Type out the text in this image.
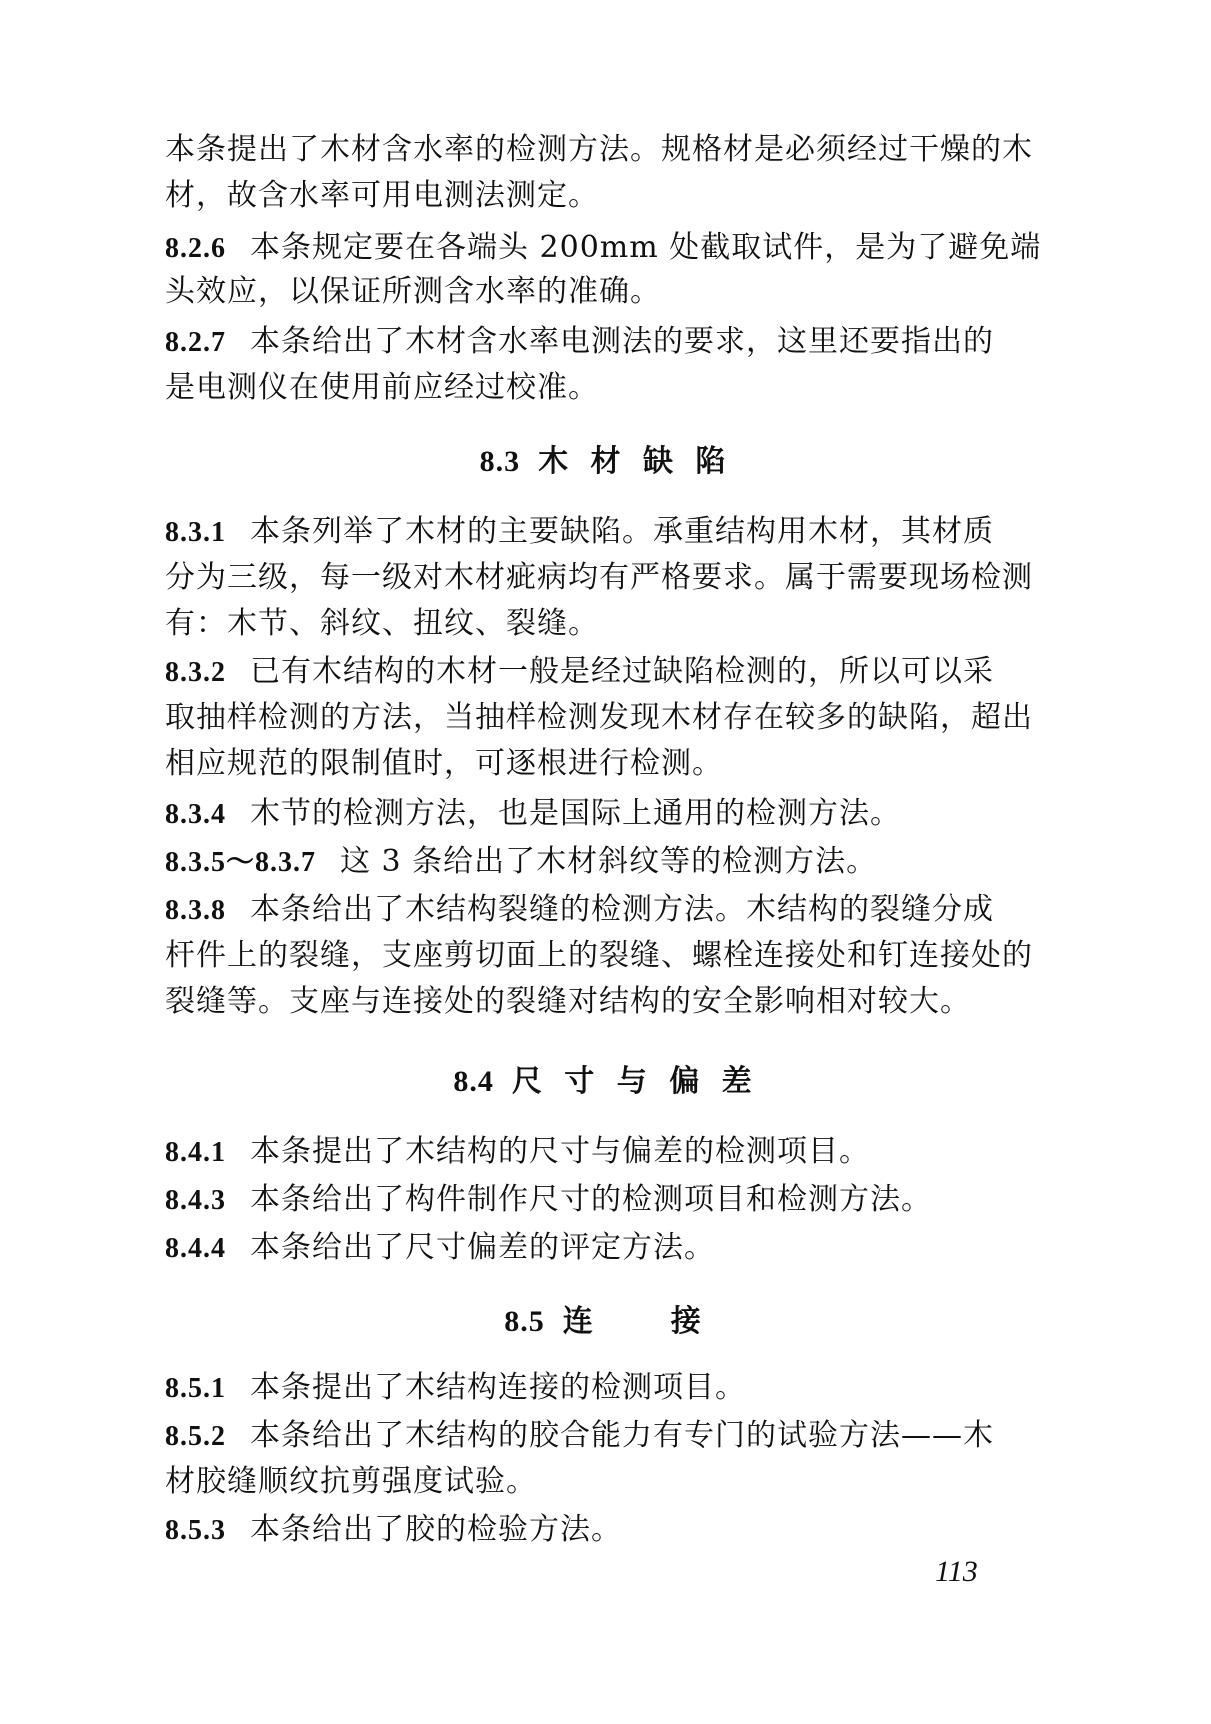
本条提出了木材含水率的检测方法。规格材是必须经过干燥的木
材，故含水率可用电测法测定。
8.2.6 本条规定要在各端头 200mm 处截取试件，是为了避免端
头效应，以保证所测含水率的准确。
8.2.7 本条给出了木材含水率电测法的要求，这里还要指出的
是电测仪在使用前应经过校准。
8.3 木 材 缺 陷
8.3.1 本条列举了木材的主要缺陷。承重结构用木材，其材质
分为三级，每一级对木材疵病均有严格要求。属于需要现场检测
有：木节、斜纹、扭纹、裂缝。
8.3.2 已有木结构的木材一般是经过缺陷检测的，所以可以采
取抽样检测的方法，当抽样检测发现木材存在较多的缺陷，超出
相应规范的限制值时，可逐根进行检测。
8.3.4 木节的检测方法，也是国际上通用的检测方法。
8.3.5～8.3.7 这 3 条给出了木材斜纹等的检测方法。
8.3.8 本条给出了木结构裂缝的检测方法。木结构的裂缝分成
杆件上的裂缝，支座剪切面上的裂缝、螺栓连接处和钉连接处的
裂缝等。支座与连接处的裂缝对结构的安全影响相对较大。
8.4 尺 寸 与 偏 差
8.4.1 本条提出了木结构的尺寸与偏差的检测项目。
8.4.3 本条给出了构件制作尺寸的检测项目和检测方法。
8.4.4 本条给出了尺寸偏差的评定方法。
8.5 连　　接
8.5.1 本条提出了木结构连接的检测项目。
8.5.2 本条给出了木结构的胶合能力有专门的试验方法——木
材胶缝顺纹抗剪强度试验。
8.5.3 本条给出了胶的检验方法。
113
